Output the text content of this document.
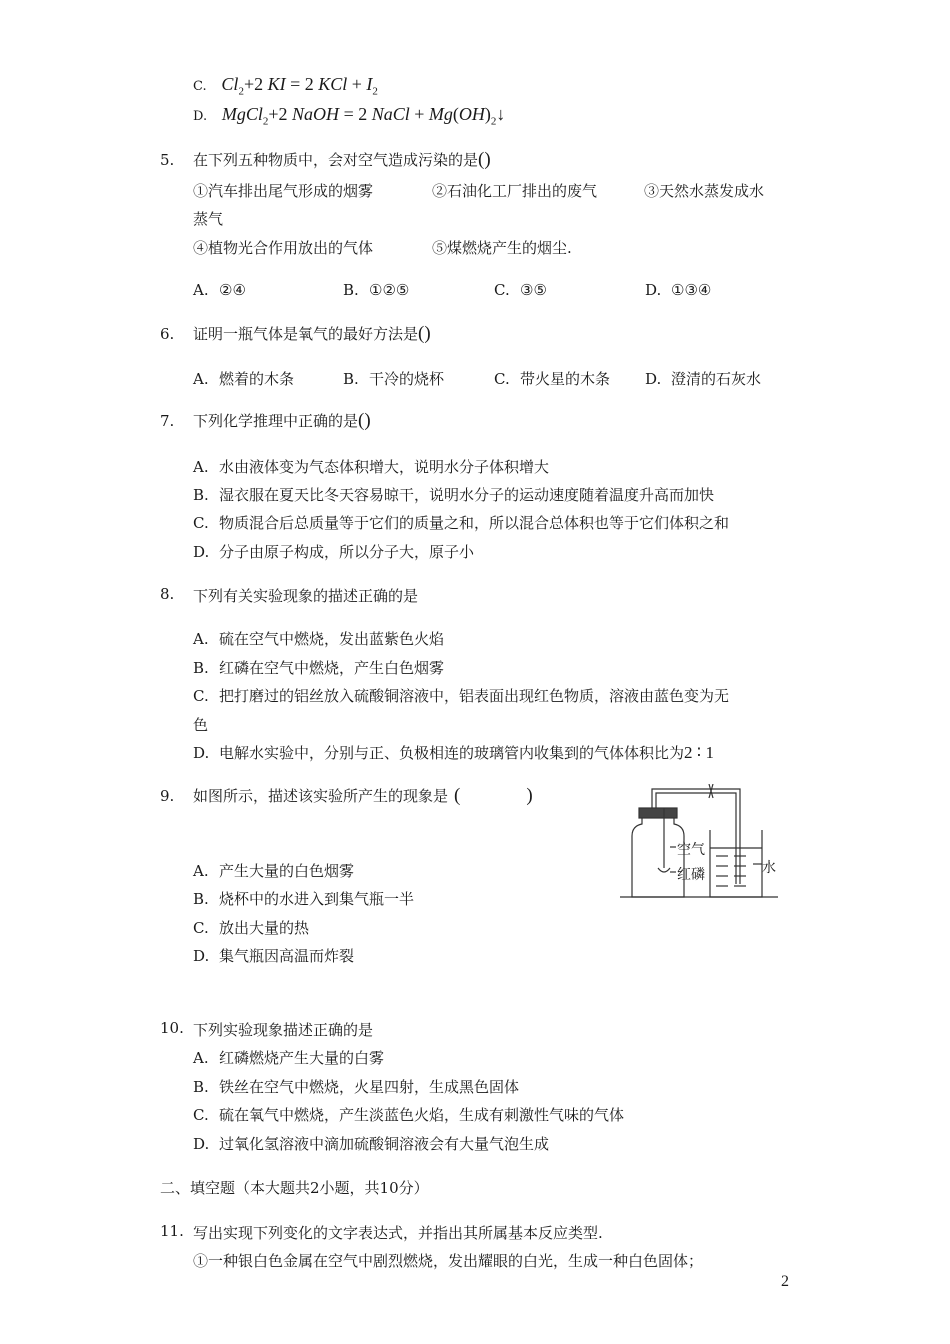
C. $Cl_2+2$ KI = 2 KCl + $I_2$
D. MgCl$_2$+2 NaOH = 2 NaCl + $Mg(OH)_2↓$
5. 在下列五种物质中，会对空气造成污染的是()
①汽车排出尾气形成的烟雾	②石油化工厂排出的废气	③天然水蒸发成水
蒸气
④植物光合作用放出的气体	⑤煤燃烧产生的烟尘.
A. ②④	B. ①②⑤	C. ③⑤	D. ①③④
6. 证明一瓶气体是氧气的最好方法是()
A. 燃着的木条	B. 干冷的烧杯	C. 带火星的木条 D. 澄清的石灰水
7. 下列化学推理中正确的是()
A. 水由液体变为气态体积增大，说明水分子体积增大
B. 湿衣服在夏天比冬天容易晾干，说明水分子的运动速度随着温度升高而加快
C. 物质混合后总质量等于它们的质量之和，所以混合总体积也等于它们体积之和
D. 分子由原子构成，所以分子大，原子小
8. 下列有关实验现象的描述正确的是
A. 硫在空气中燃烧，发出蓝紫色火焰
B. 红磷在空气中燃烧，产生白色烟雾
C. 把打磨过的铝丝放入硫酸铜溶液中，铝表面出现红色物质，溶液由蓝色变为无
色
D. 电解水实验中，分别与正、负极相连的玻璃管内收集到的气体体积比为2 ∶ 1
9. 如图所示，描述该实验所产生的现象是 (	)
空气
红磷	水
A. 产生大量的白色烟雾
B. 烧杯中的水进入到集气瓶一半
C. 放出大量的热
D. 集气瓶因高温而炸裂
10. 下列实验现象描述正确的是
A. 红磷燃烧产生大量的白雾
B. 铁丝在空气中燃烧，火星四射，生成黑色固体
C. 硫在氧气中燃烧，产生淡蓝色火焰，生成有刺激性气味的气体
D. 过氧化氢溶液中滴加硫酸铜溶液会有大量气泡生成
二、填空题（本大题共2小题，共10分）
11. 写出实现下列变化的文字表达式，并指出其所属基本反应类型.
①一种银白色金属在空气中剧烈燃烧，发出耀眼的白光，生成一种白色固体；
2
